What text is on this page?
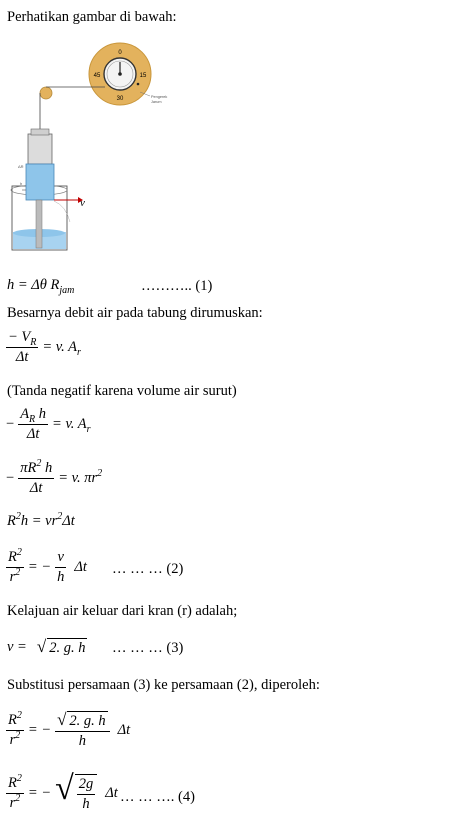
Perhatikan gambar di bawah:
0
45	15
30	Pengerek
Jarum
ΔR
h
v
h = Δθ $R_{jam}$	……….. (1)
Besarnya debit air pada tabung dirumuskan:
$\frac{- V_R}{\Delta t} = v$. $A_r$
(Tanda negatif karena volume air surut)
− $\frac{A_R h}{\Delta t} = v$. $A_r$
− $\frac{\pi R^2 h}{\Delta t} = v$. $\pi r^2$
$R^2h = vr^2\Delta t$
$\frac{R^2}{r^2}$ = − $\frac{v}{h}$ Δt … … … (2)
Kelajuan air keluar dari kran (r) adalah;
v = √ 2. g. h … … … (3)
Substitusi persamaan (3) ke persamaan (2), diperoleh:
$\frac{R^2}{r^2}$ = − $\frac{√ 2. g. h}{h}$ Δt
$\frac{R^2}{r^2}$ = − √ $\frac{2g}{h}$ Δt … … …. (4)
